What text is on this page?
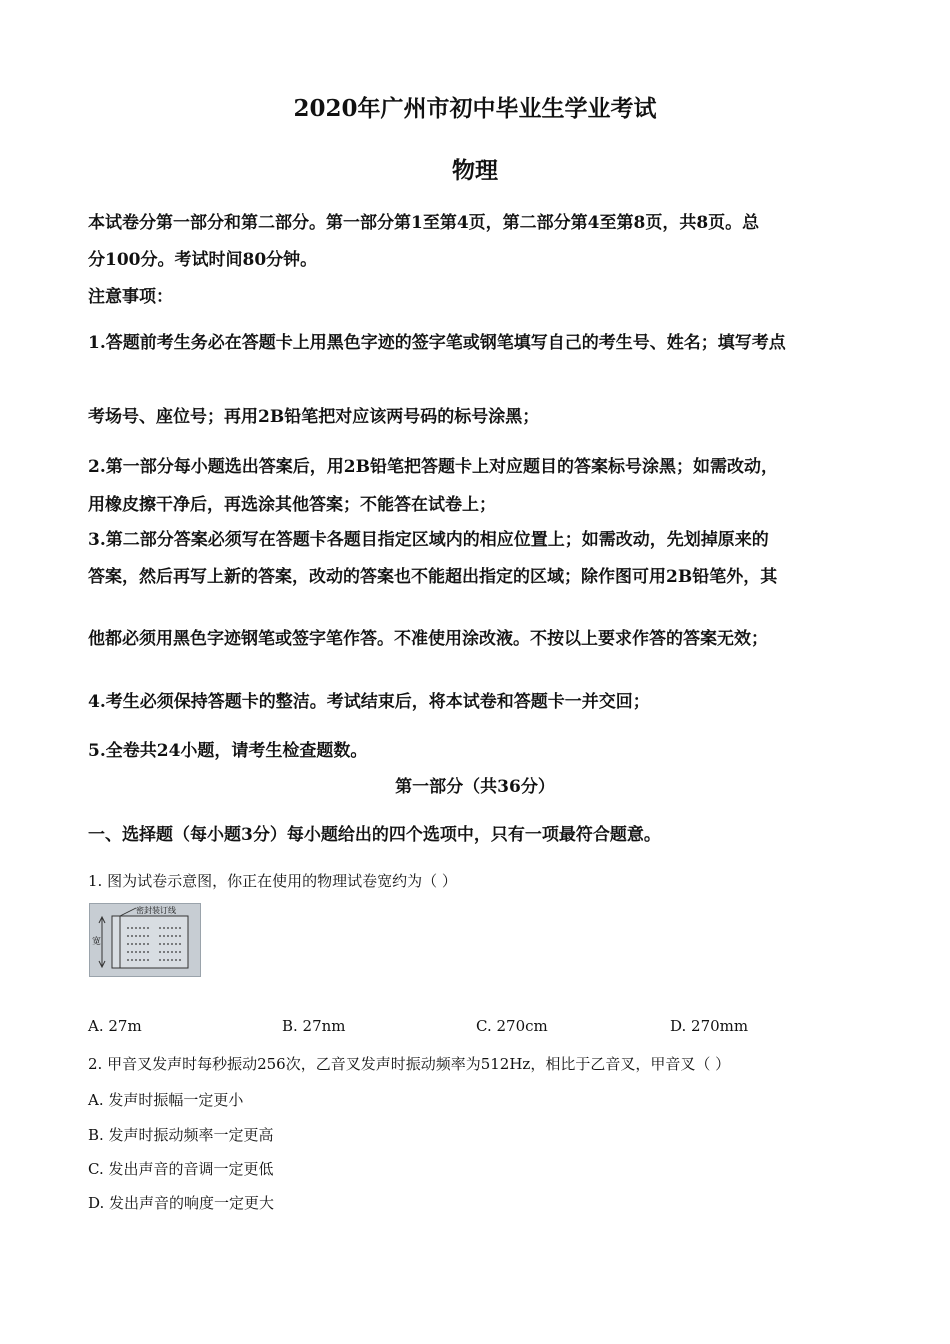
2020年广州市初中毕业生学业考试
物理
本试卷分第一部分和第二部分。第一部分第1至第4页，第二部分第4至第8页，共8页。总
分100分。考试时间80分钟。
注意事项：
1.答题前考生务必在答题卡上用黑色字迹的签字笔或钢笔填写自己的考生号、姓名；填写考点
考场号、座位号；再用2B铅笔把对应该两号码的标号涂黑；
2.第一部分每小题选出答案后，用2B铅笔把答题卡上对应题目的答案标号涂黑；如需改动，
用橡皮擦干净后，再选涂其他答案；不能答在试卷上；
3.第二部分答案必须写在答题卡各题目指定区域内的相应位置上；如需改动，先划掉原来的
答案，然后再写上新的答案，改动的答案也不能超出指定的区域；除作图可用2B铅笔外，其
他都必须用黑色字迹钢笔或签字笔作答。不准使用涂改液。不按以上要求作答的答案无效；
4.考生必须保持答题卡的整洁。考试结束后，将本试卷和答题卡一并交回；
5.全卷共24小题，请考生检查题数。
第一部分（共36分）
一、选择题（每小题3分）每小题给出的四个选项中，只有一项最符合题意。
1. 图为试卷示意图，你正在使用的物理试卷宽约为（ ）
密封装订线
宽
A. 27m	B. 27nm	C. 270cm	D. 270mm
2. 甲音叉发声时每秒振动256次，乙音叉发声时振动频率为512Hz，相比于乙音叉，甲音叉（ ）
A. 发声时振幅一定更小
B. 发声时振动频率一定更高
C. 发出声音的音调一定更低
D. 发出声音的响度一定更大
